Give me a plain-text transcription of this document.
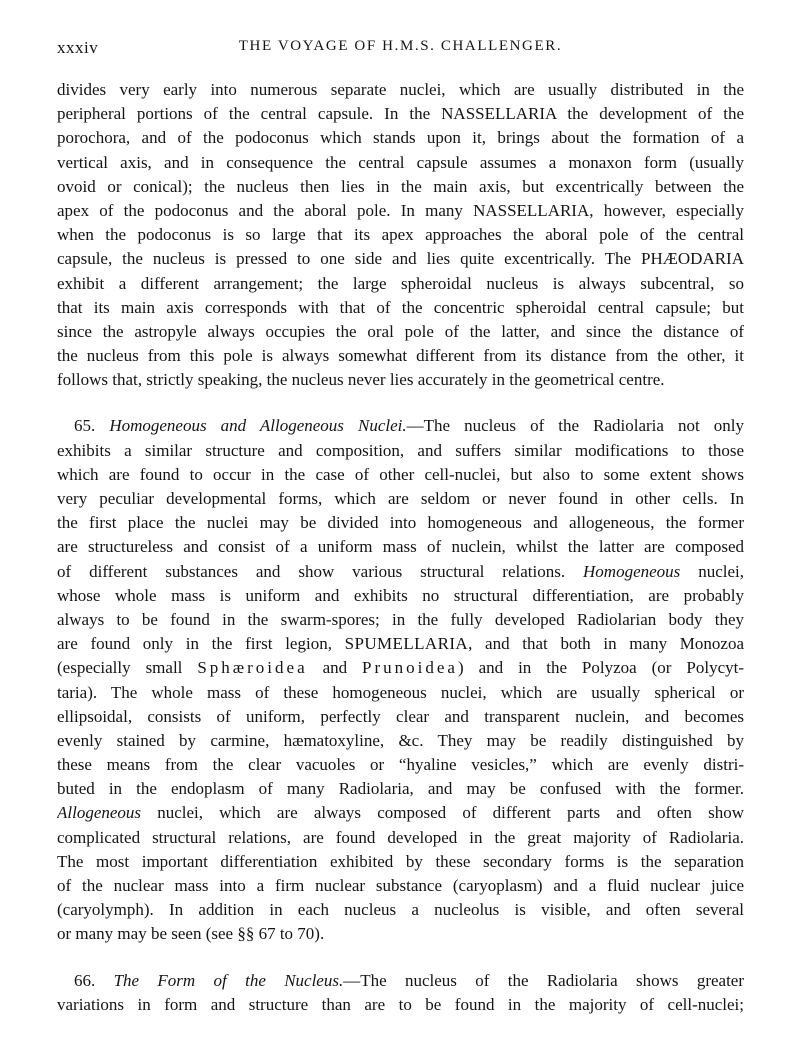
xxxiv	THE VOYAGE OF H.M.S. CHALLENGER.
divides very early into numerous separate nuclei, which are usually distributed in the
peripheral portions of the central capsule. In the NASSELLARIA the development of the
porochora, and of the podoconus which stands upon it, brings about the formation of a
vertical axis, and in consequence the central capsule assumes a monaxon form (usually
ovoid or conical); the nucleus then lies in the main axis, but excentrically between the
apex of the podoconus and the aboral pole. In many NASSELLARIA, however, especially
when the podoconus is so large that its apex approaches the aboral pole of the central
capsule, the nucleus is pressed to one side and lies quite excentrically. The PHÆODARIA
exhibit a different arrangement; the large spheroidal nucleus is always subcentral, so
that its main axis corresponds with that of the concentric spheroidal central capsule; but
since the astropyle always occupies the oral pole of the latter, and since the distance of
the nucleus from this pole is always somewhat different from its distance from the other, it
follows that, strictly speaking, the nucleus never lies accurately in the geometrical centre.
 65. Homogeneous and Allogeneous Nuclei.—The nucleus of the Radiolaria not only
exhibits a similar structure and composition, and suffers similar modifications to those
which are found to occur in the case of other cell-nuclei, but also to some extent shows
very peculiar developmental forms, which are seldom or never found in other cells. In
the first place the nuclei may be divided into homogeneous and allogeneous, the former
are structureless and consist of a uniform mass of nuclein, whilst the latter are composed
of different substances and show various structural relations. Homogeneous nuclei,
whose whole mass is uniform and exhibits no structural differentiation, are probably
always to be found in the swarm-spores; in the fully developed Radiolarian body they
are found only in the first legion, SPUMELLARIA, and that both in many Monozoa
(especially small Sphæroidea and Prunoidea) and in the Polyzoa (or Polycyt-
taria). The whole mass of these homogeneous nuclei, which are usually spherical or
ellipsoidal, consists of uniform, perfectly clear and transparent nuclein, and becomes
evenly stained by carmine, hæmatoxyline, &c. They may be readily distinguished by
these means from the clear vacuoles or “hyaline vesicles,” which are evenly distri-
buted in the endoplasm of many Radiolaria, and may be confused with the former.
Allogeneous nuclei, which are always composed of different parts and often show
complicated structural relations, are found developed in the great majority of Radiolaria.
The most important differentiation exhibited by these secondary forms is the separation
of the nuclear mass into a firm nuclear substance (caryoplasm) and a fluid nuclear juice
(caryolymph). In addition in each nucleus a nucleolus is visible, and often several
or many may be seen (see §§ 67 to 70).
 66. The Form of the Nucleus.—The nucleus of the Radiolaria shows greater
variations in form and structure than are to be found in the majority of cell-nuclei;
